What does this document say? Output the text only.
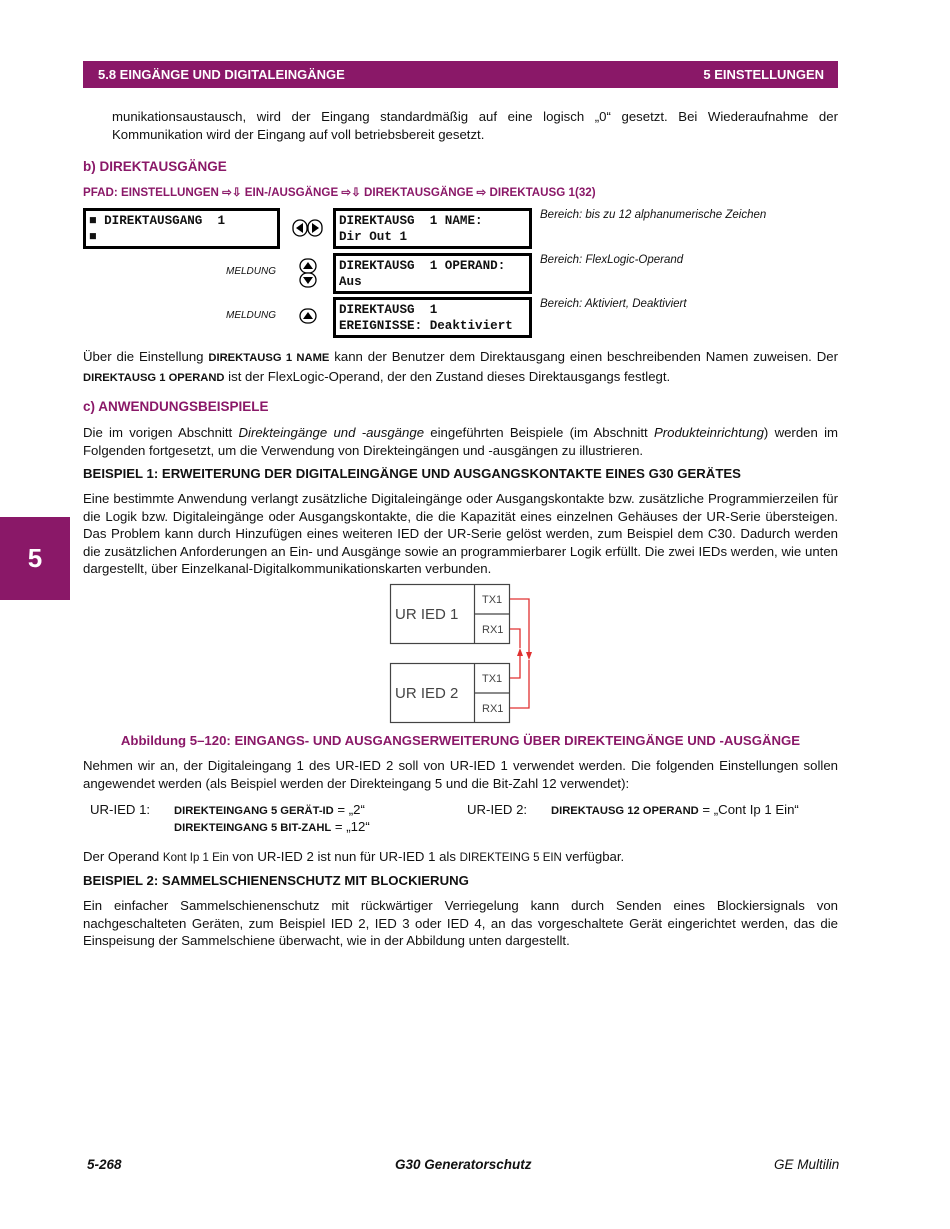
5.8 EINGÄNGE UND DIGITALEINGÄNGE	5 EINSTELLUNGEN
munikationsaustausch, wird der Eingang standardmäßig auf eine logisch „0“ gesetzt. Bei Wiederaufnahme der Kommunikation wird der Eingang auf voll betriebsbereit gesetzt.
b) DIREKTAUSGÄNGE
PFAD: EINSTELLUNGEN ⇨⇩ EIN-/AUSGÄNGE ⇨⇩ DIREKTAUSGÄNGE ⇨ DIREKTAUSG 1(32)
■ DIREKTAUSGANG  1
■
MELDUNG
MELDUNG
DIREKTAUSG  1 NAME:
Dir Out 1
DIREKTAUSG  1 OPERAND:
Aus
DIREKTAUSG  1
EREIGNISSE: Deaktiviert
Bereich: bis zu 12 alphanumerische Zeichen
Bereich: FlexLogic-Operand
Bereich: Aktiviert, Deaktiviert
Über die Einstellung DIREKTAUSG 1 NAME kann der Benutzer dem Direktausgang einen beschreibenden Namen zuweisen. Der DIREKTAUSG 1 OPERAND ist der FlexLogic-Operand, der den Zustand dieses Direktausgangs festlegt.
c) ANWENDUNGSBEISPIELE
Die im vorigen Abschnitt Direkteingänge und -ausgänge eingeführten Beispiele (im Abschnitt Produkteinrichtung) werden im Folgenden fortgesetzt, um die Verwendung von Direkteingängen und -ausgängen zu illustrieren.
BEISPIEL 1: ERWEITERUNG DER DIGITALEINGÄNGE UND AUSGANGSKONTAKTE EINES G30 GERÄTES
Eine bestimmte Anwendung verlangt zusätzliche Digitaleingänge oder Ausgangskontakte bzw. zusätzliche Programmierzeilen für die Logik bzw. Digitaleingänge oder Ausgangskontakte, die die Kapazität eines einzelnen Gehäuses der UR-Serie übersteigen. Das Problem kann durch Hinzufügen eines weiteren IED der UR-Serie gelöst werden, zum Beispiel dem C30. Dadurch werden die zusätzlichen Anforderungen an Ein- und Ausgänge sowie an programmierbarer Logik erfüllt. Die zwei IEDs werden, wie unten dargestellt, über Einzelkanal-Digitalkommunikationskarten verbunden.
5
UR IED 1
TX1
RX1
UR IED 2
TX1
RX1
Abbildung 5–120: EINGANGS- UND AUSGANGSERWEITERUNG ÜBER DIREKTEINGÄNGE UND -AUSGÄNGE
Nehmen wir an, der Digitaleingang 1 des UR-IED 2 soll von UR-IED 1 verwendet werden. Die folgenden Einstellungen sollen angewendet werden (als Beispiel werden der Direkteingang 5 und die Bit-Zahl 12 verwendet):
UR-IED 1: DIREKTEINGANG 5 GERÄT-ID = „2“
DIREKTEINGANG 5 BIT-ZAHL = „12“
UR-IED 2: DIREKTAUSG 12 OPERAND = „Cont Ip 1 Ein“
Der Operand Kont Ip 1 Ein von UR-IED 2 ist nun für UR-IED 1 als DIREKTEING 5 EIN verfügbar.
BEISPIEL 2: SAMMELSCHIENENSCHUTZ MIT BLOCKIERUNG
Ein einfacher Sammelschienenschutz mit rückwärtiger Verriegelung kann durch Senden eines Blockiersignals von nachgeschalteten Geräten, zum Beispiel IED 2, IED 3 oder IED 4, an das vorgeschaltete Gerät eingerichtet werden, das die Einspeisung der Sammelschiene überwacht, wie in der Abbildung unten dargestellt.
5-268	G30 Generatorschutz	GE Multilin
